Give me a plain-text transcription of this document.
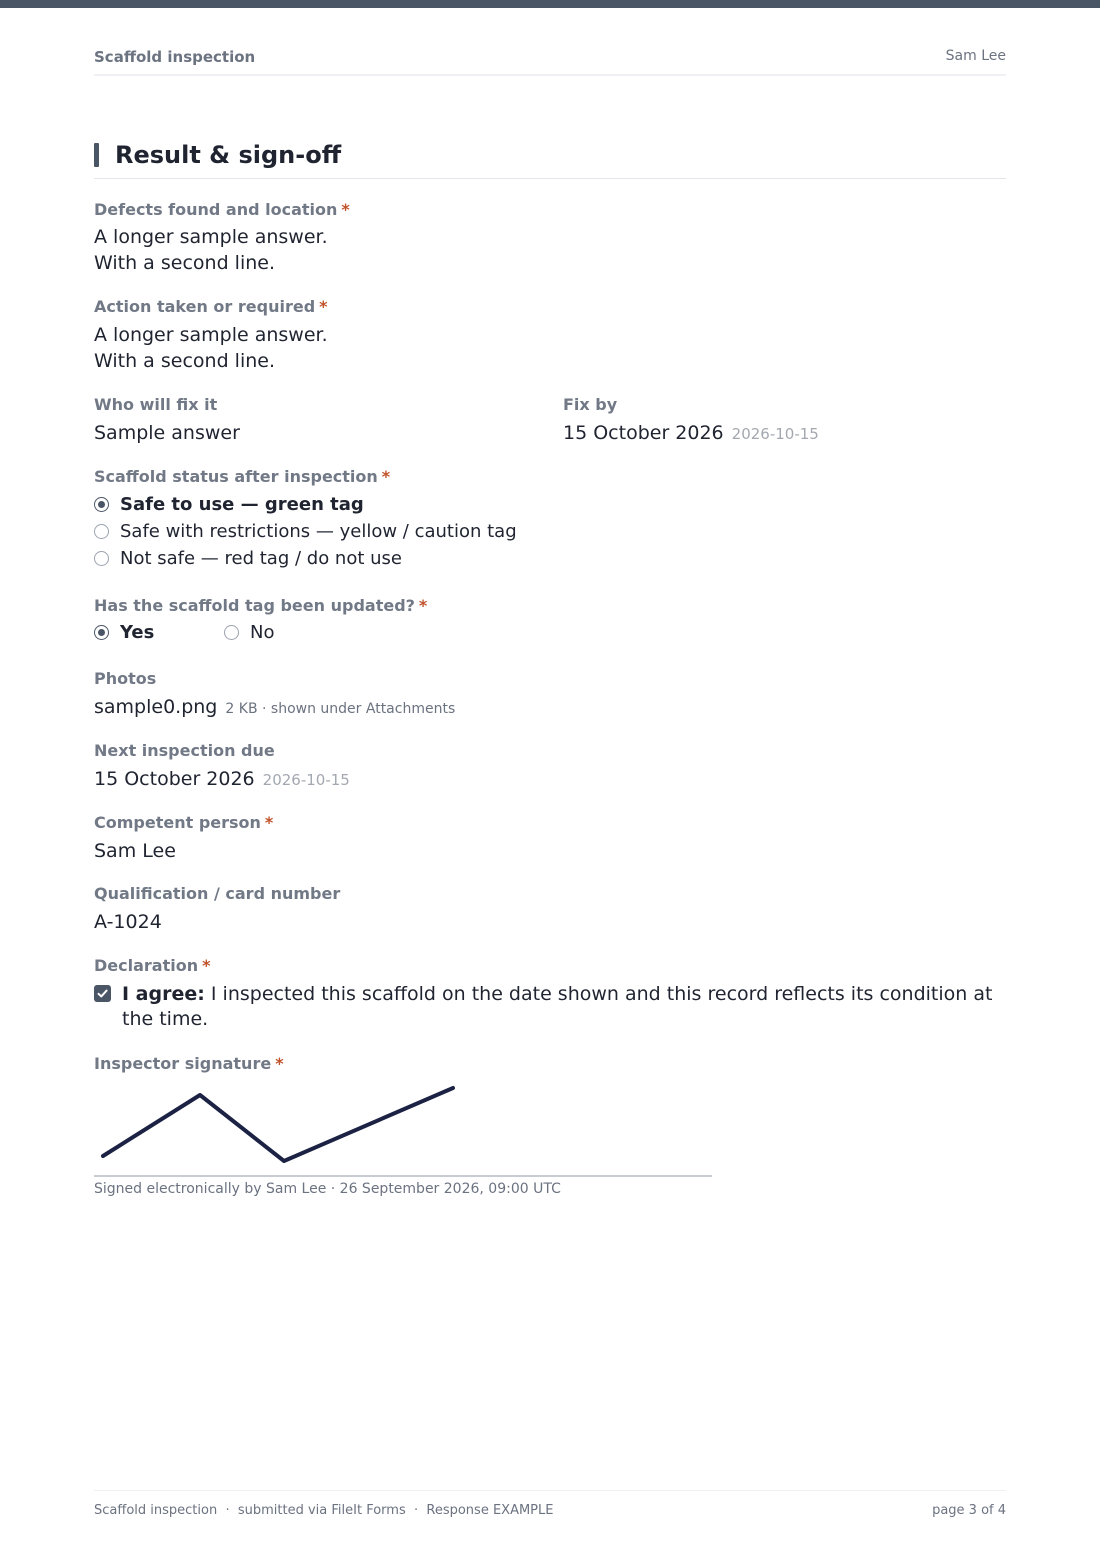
Scaffold inspection	Sam Lee
Result & sign-off
Defects found and location *
A longer sample answer.
With a second line.
Action taken or required *
A longer sample answer.
With a second line.
Who will fix it
Sample answer
Fix by
15 October 2026 2026-10-15
Scaffold status after inspection *
Safe to use — green tag
Safe with restrictions — yellow / caution tag
Not safe — red tag / do not use
Has the scaffold tag been updated? *
Yes	No
Photos
sample0.png 2 KB · shown under Attachments
Next inspection due
15 October 2026 2026-10-15
Competent person *
Sam Lee
Qualification / card number
A-1024
Declaration *
I agree: I inspected this scaffold on the date shown and this record reflects its condition at the time.
Inspector signature *
Signed electronically by Sam Lee · 26 September 2026, 09:00 UTC
Scaffold inspection  ·  submitted via FileIt Forms  ·  Response EXAMPLE	page 3 of 4
